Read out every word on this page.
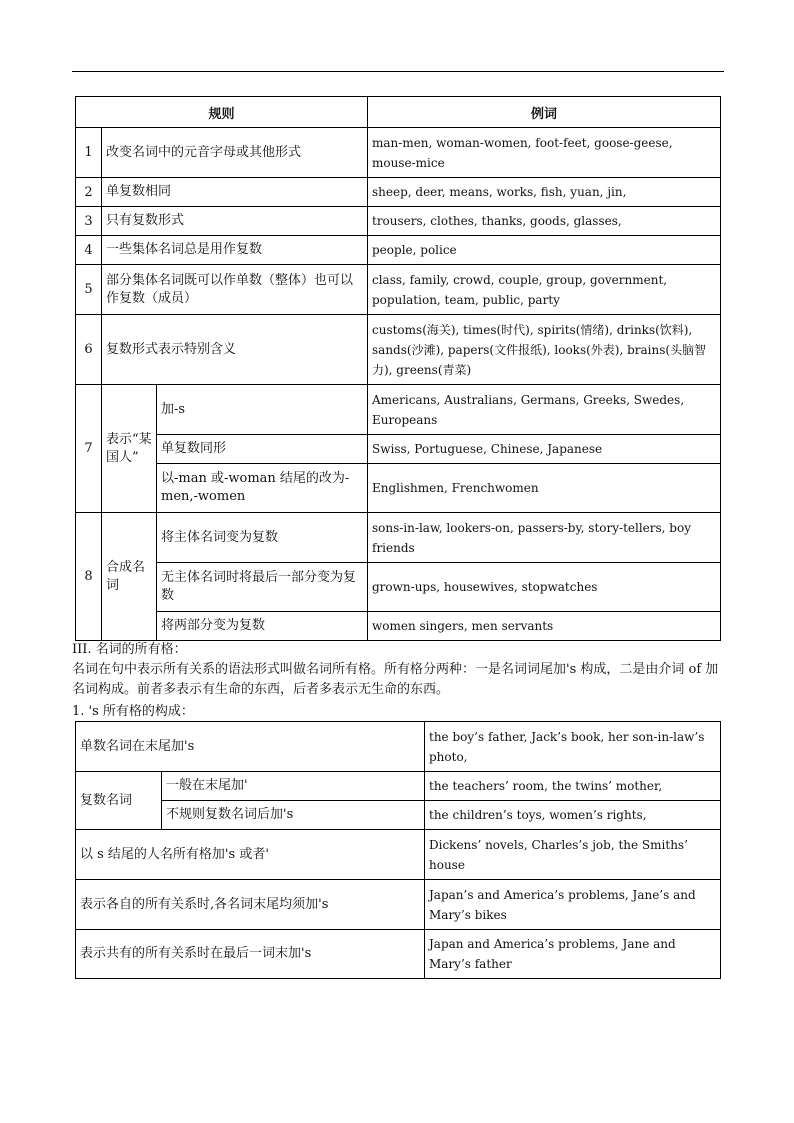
规则			例词
1	改变名词中的元音字母或其他形式		man-men, woman-women, foot-feet, goose-geese, mouse-mice
2	单复数相同		sheep, deer, means, works, fish, yuan, jin,
3	只有复数形式		trousers, clothes, thanks, goods, glasses,
4	一些集体名词总是用作复数		people, police
5	部分集体名词既可以作单数（整体）也可以作复数（成员）		class, family, crowd, couple, group, government, population, team, public, party
6	复数形式表示特别含义		customs(海关), times(时代), spirits(情绪), drinks(饮料), sands(沙滩), papers(文件报纸), looks(外表), brains(头脑智力), greens(青菜)
7	表示“某国人”	加-s	Americans, Australians, Germans, Greeks, Swedes, Europeans
		单复数同形	Swiss, Portuguese, Chinese, Japanese
		以-man 或-woman 结尾的改为-men,-women	Englishmen, Frenchwomen
8	合成名词	将主体名词变为复数	sons-in-law, lookers-on, passers-by, story-tellers, boy friends
		无主体名词时将最后一部分变为复数	grown-ups, housewives, stopwatches
		将两部分变为复数	women singers, men servants
III. 名词的所有格：
名词在句中表示所有关系的语法形式叫做名词所有格。所有格分两种：一是名词词尾加's 构成，二是由介词 of 加名词构成。前者多表示有生命的东西，后者多表示无生命的东西。
1. 's 所有格的构成：
单数名词在末尾加's		the boy’s father, Jack’s book, her son-in-law’s photo,
复数名词	一般在末尾加'	the teachers’ room, the twins’ mother,
	不规则复数名词后加's	the children’s toys, women’s rights,
以 s 结尾的人名所有格加's 或者'		Dickens’ novels, Charles’s job, the Smiths’ house
表示各自的所有关系时,各名词末尾均须加's		Japan’s and America’s problems, Jane’s and Mary’s bikes
表示共有的所有关系时在最后一词末加's		Japan and America’s problems, Jane and Mary’s father
